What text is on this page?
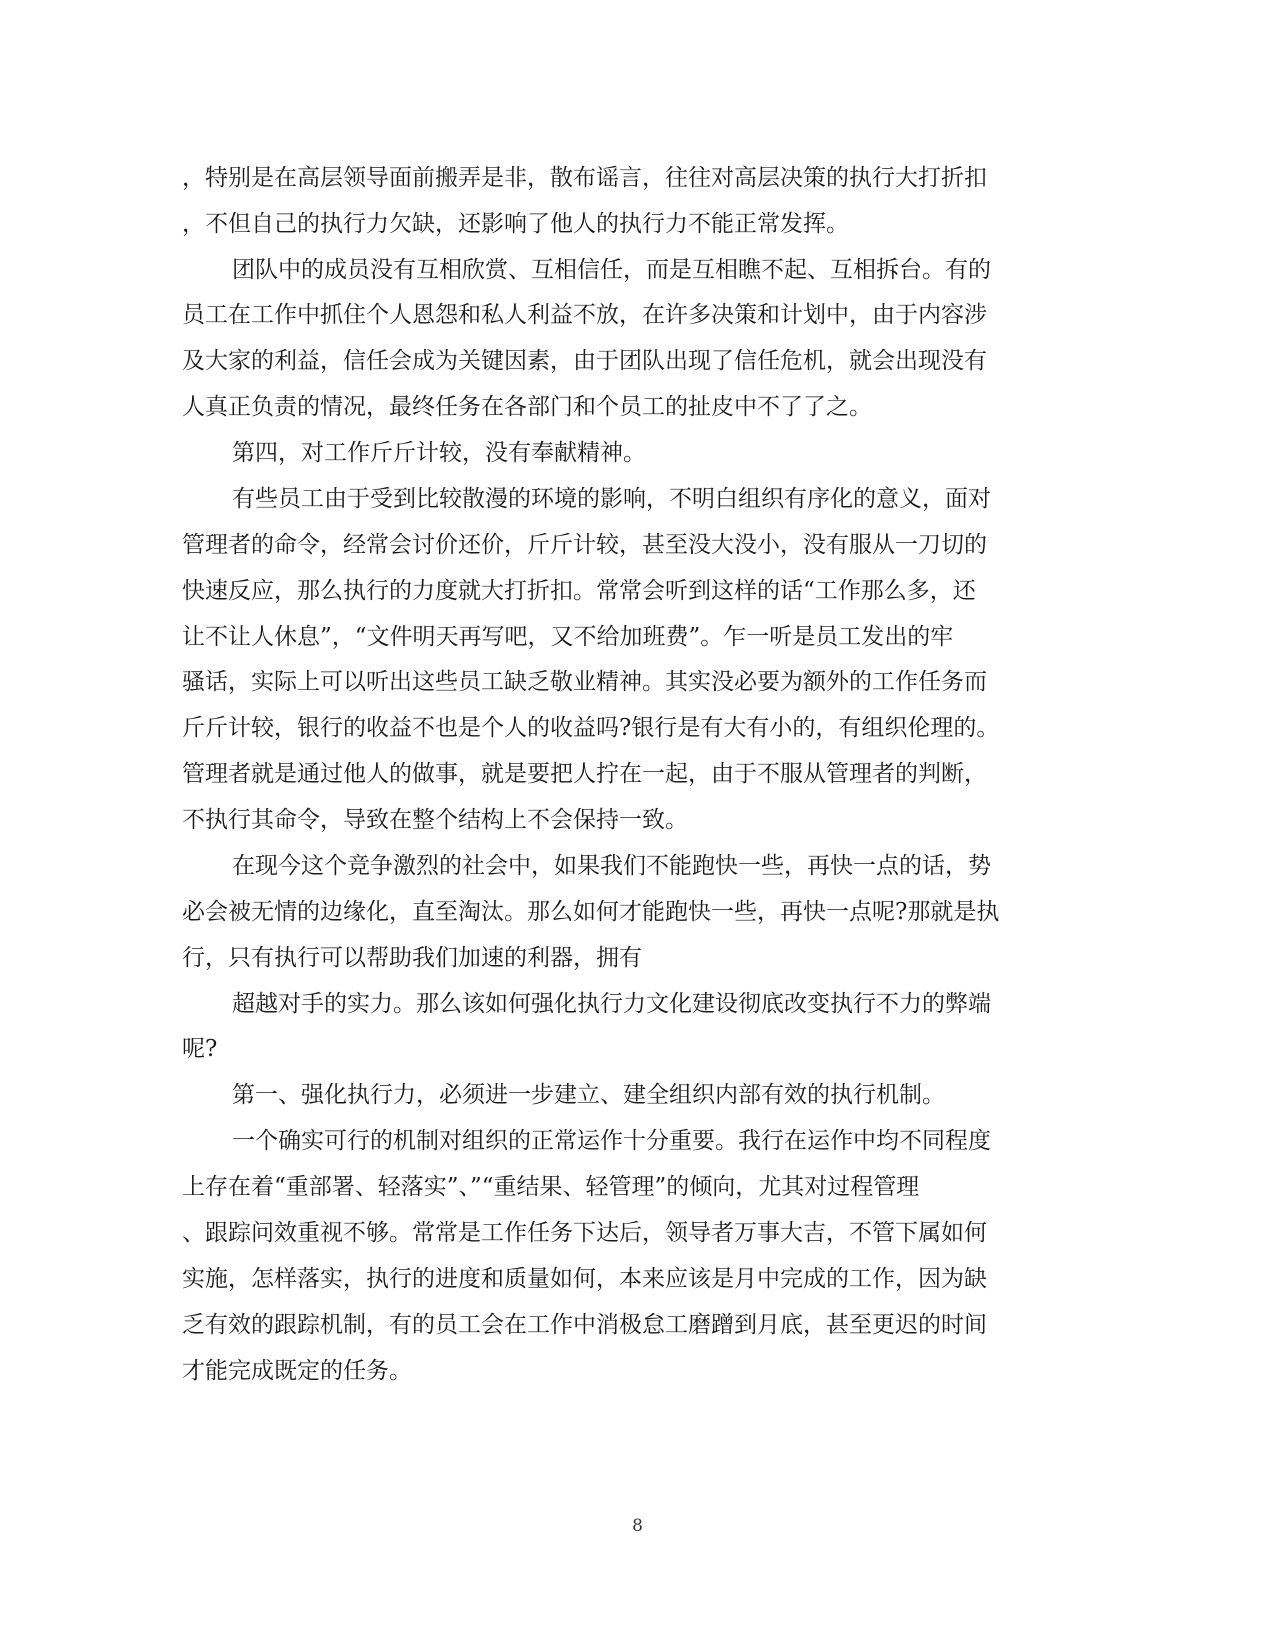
，特别是在高层领导面前搬弄是非，散布谣言，往往对高层决策的执行大打折扣
，不但自己的执行力欠缺，还影响了他人的执行力不能正常发挥。
团队中的成员没有互相欣赏、互相信任，而是互相瞧不起、互相拆台。有的
员工在工作中抓住个人恩怨和私人利益不放，在许多决策和计划中，由于内容涉
及大家的利益，信任会成为关键因素，由于团队出现了信任危机，就会出现没有
人真正负责的情况，最终任务在各部门和个员工的扯皮中不了了之。
第四，对工作斤斤计较，没有奉献精神。
有些员工由于受到比较散漫的环境的影响，不明白组织有序化的意义，面对
管理者的命令，经常会讨价还价，斤斤计较，甚至没大没小，没有服从一刀切的
快速反应，那么执行的力度就大打折扣。常常会听到这样的话“工作那么多，还
让不让人休息”，“文件明天再写吧，又不给加班费”。乍一听是员工发出的牢
骚话，实际上可以听出这些员工缺乏敬业精神。其实没必要为额外的工作任务而
斤斤计较，银行的收益不也是个人的收益吗?银行是有大有小的，有组织伦理的。
管理者就是通过他人的做事，就是要把人拧在一起，由于不服从管理者的判断，
不执行其命令，导致在整个结构上不会保持一致。
在现今这个竞争激烈的社会中，如果我们不能跑快一些，再快一点的话，势
必会被无情的边缘化，直至淘汰。那么如何才能跑快一些，再快一点呢?那就是执
行，只有执行可以帮助我们加速的利器，拥有
超越对手的实力。那么该如何强化执行力文化建设彻底改变执行不力的弊端
呢?
第一、强化执行力，必须进一步建立、建全组织内部有效的执行机制。
一个确实可行的机制对组织的正常运作十分重要。我行在运作中均不同程度
上存在着“重部署、轻落实”、”“重结果、轻管理”的倾向，尤其对过程管理
、跟踪问效重视不够。常常是工作任务下达后，领导者万事大吉，不管下属如何
实施，怎样落实，执行的进度和质量如何，本来应该是月中完成的工作，因为缺
乏有效的跟踪机制，有的员工会在工作中消极怠工磨蹭到月底，甚至更迟的时间
才能完成既定的任务。
8
